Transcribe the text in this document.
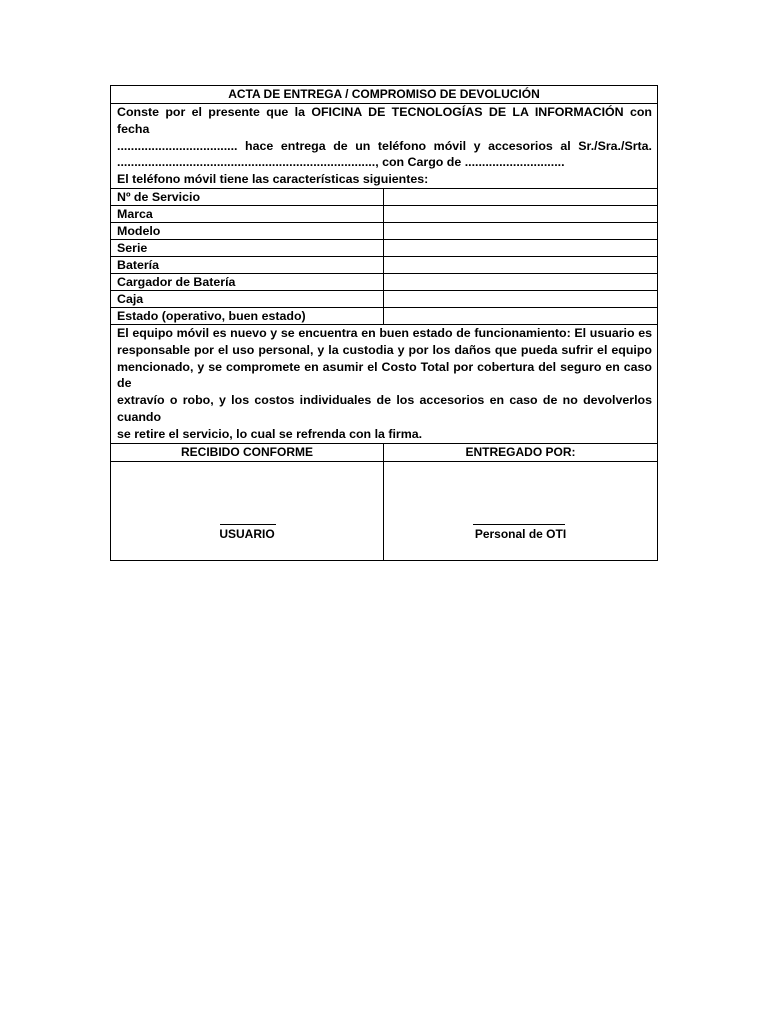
ACTA DE ENTREGA / COMPROMISO DE DEVOLUCIÓN

Conste por el presente que la OFICINA DE TECNOLOGÍAS DE LA INFORMACIÓN con fecha

................................... hace entrega de un teléfono móvil y accesorios al Sr./Sra./Srta.

..........................................................................., con Cargo de .............................

El teléfono móvil tiene las características siguientes:

Nº de Servicio
Marca
Modelo
Serie
Batería
Cargador de Batería
Caja
Estado (operativo, buen estado)
El equipo móvil es nuevo y se encuentra en buen estado de funcionamiento: El usuario es
responsable por el uso personal, y la custodia y por los daños que pueda sufrir el equipo
mencionado, y se compromete en asumir el Costo Total por cobertura del seguro en caso de
extravío o robo, y los costos individuales de los accesorios en caso de no devolverlos cuando
se retire el servicio, lo cual se refrenda con la firma.
RECIBIDO CONFORME	ENTREGADO POR:
USUARIO	Personal de OTI
